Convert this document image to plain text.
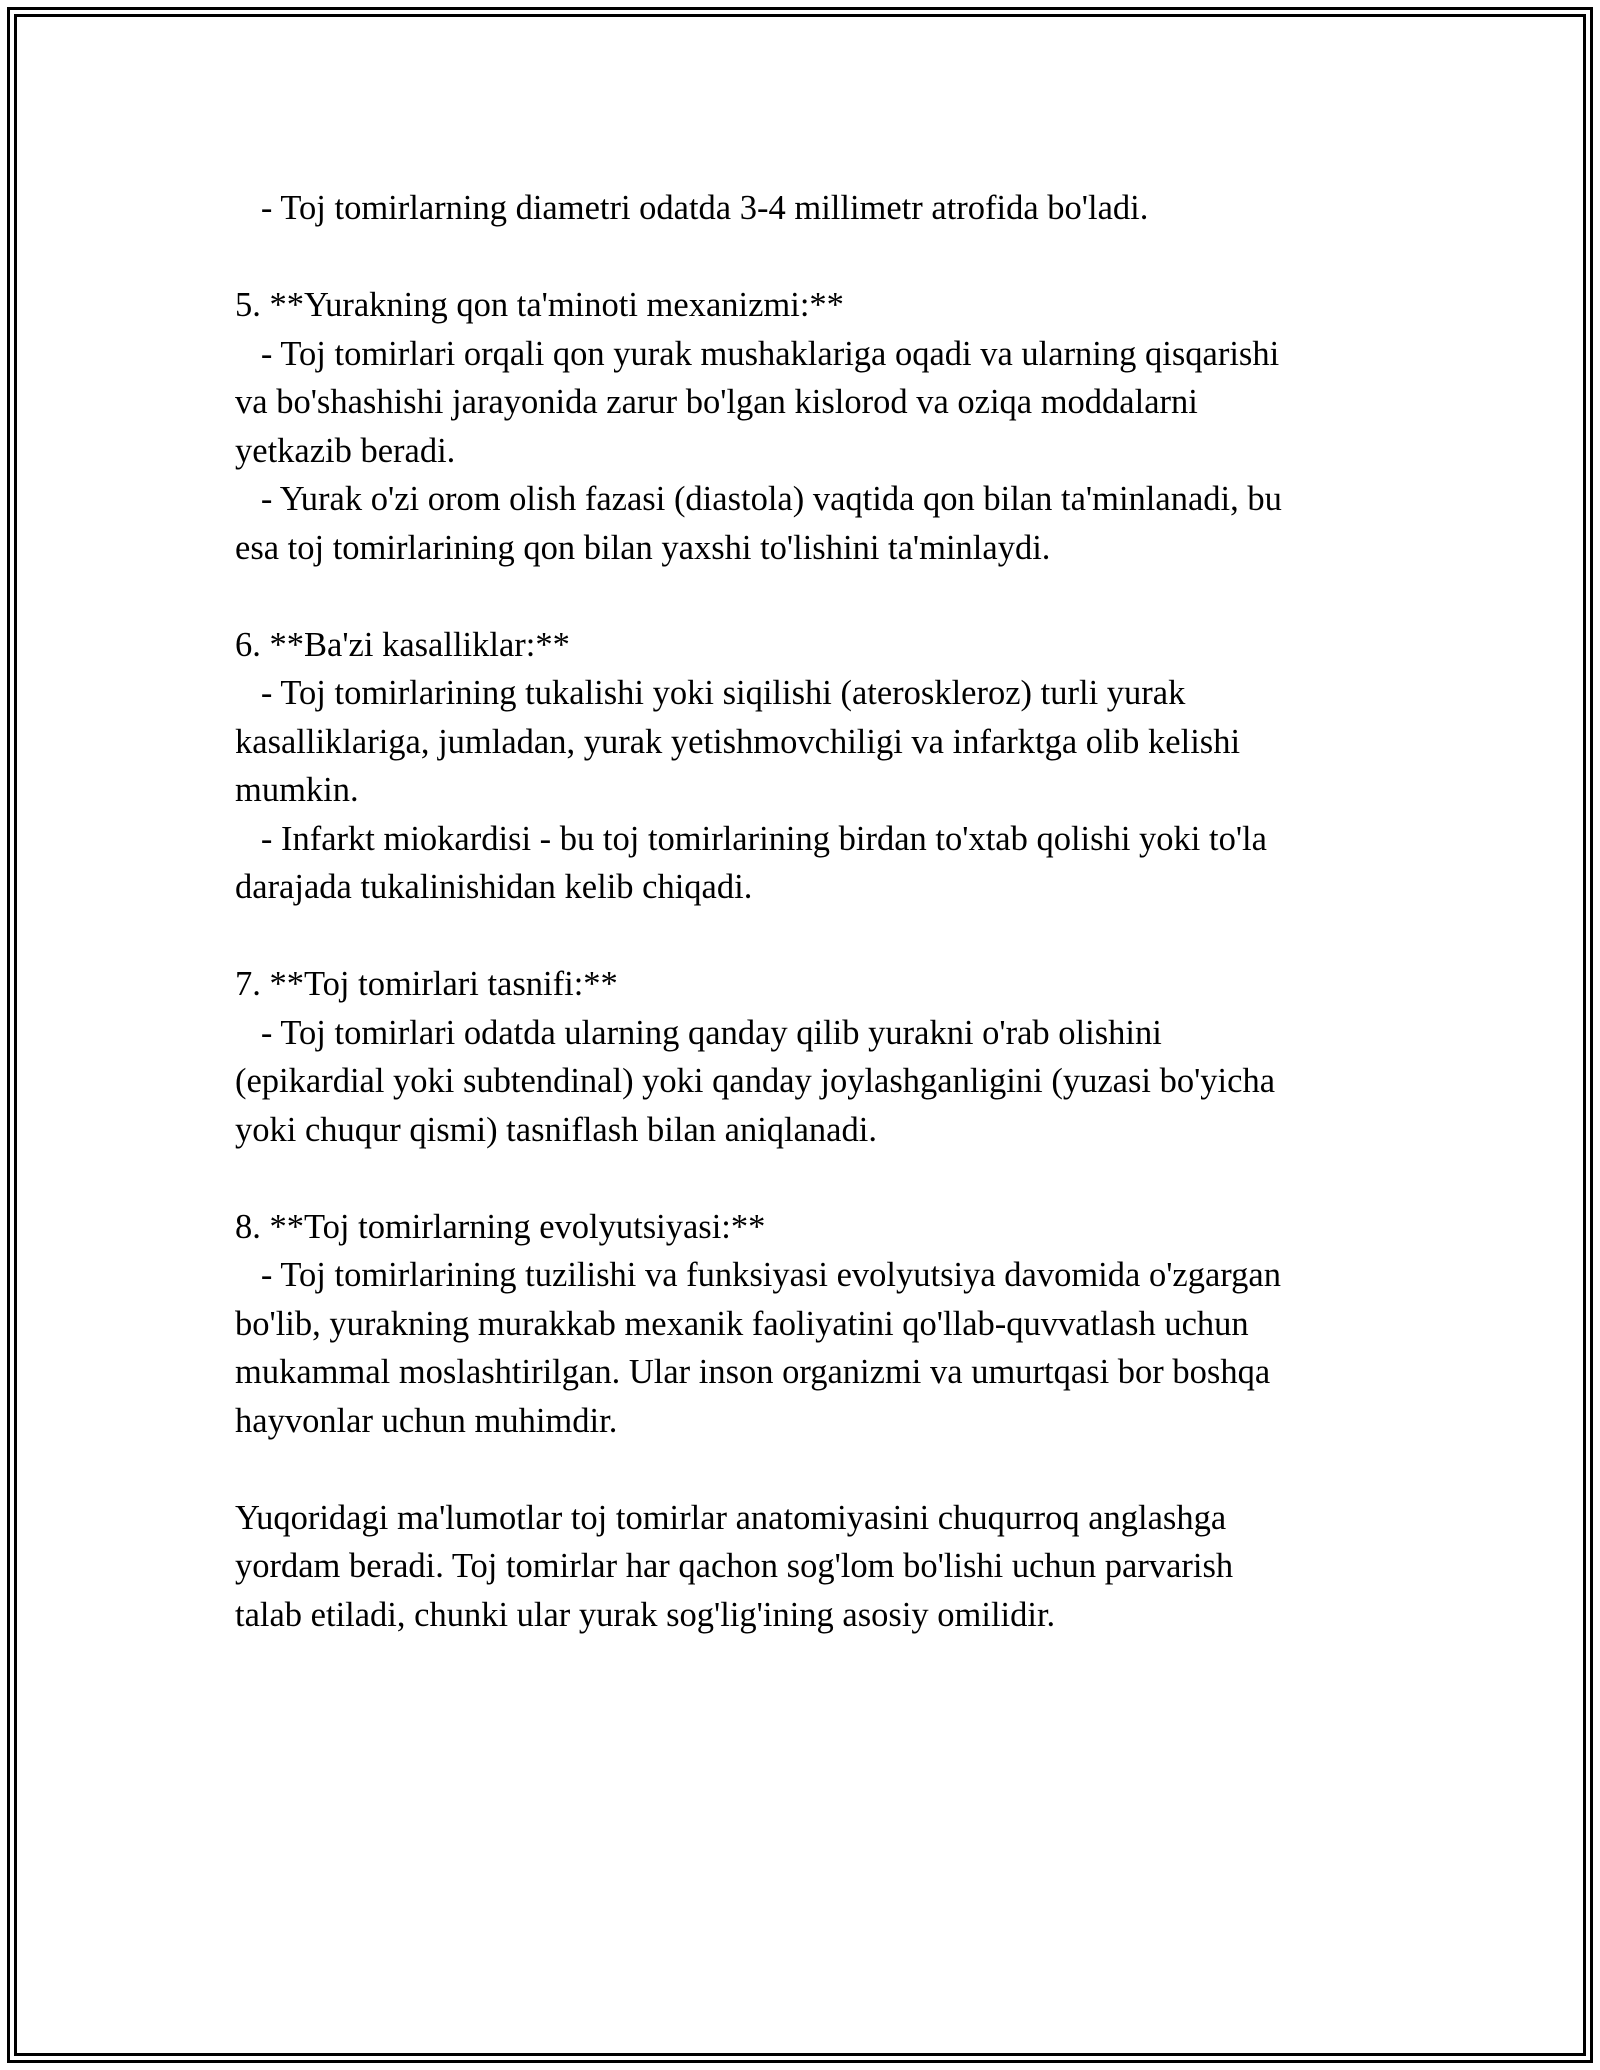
- Toj tomirlarning diametri odatda 3-4 millimetr atrofida bo'ladi.
5. **Yurakning qon ta'minoti mexanizmi:**
- Toj tomirlari orqali qon yurak mushaklariga oqadi va ularning qisqarishi
va bo'shashishi jarayonida zarur bo'lgan kislorod va oziqa moddalarni
yetkazib beradi.
- Yurak o'zi orom olish fazasi (diastola) vaqtida qon bilan ta'minlanadi, bu
esa toj tomirlarining qon bilan yaxshi to'lishini ta'minlaydi.
6. **Ba'zi kasalliklar:**
- Toj tomirlarining tukalishi yoki siqilishi (ateroskleroz) turli yurak
kasalliklariga, jumladan, yurak yetishmovchiligi va infarktga olib kelishi
mumkin.
- Infarkt miokardisi - bu toj tomirlarining birdan to'xtab qolishi yoki to'la
darajada tukalinishidan kelib chiqadi.
7. **Toj tomirlari tasnifi:**
- Toj tomirlari odatda ularning qanday qilib yurakni o'rab olishini
(epikardial yoki subtendinal) yoki qanday joylashganligini (yuzasi bo'yicha
yoki chuqur qismi) tasniflash bilan aniqlanadi.
8. **Toj tomirlarning evolyutsiyasi:**
- Toj tomirlarining tuzilishi va funksiyasi evolyutsiya davomida o'zgargan
bo'lib, yurakning murakkab mexanik faoliyatini qo'llab-quvvatlash uchun
mukammal moslashtirilgan. Ular inson organizmi va umurtqasi bor boshqa
hayvonlar uchun muhimdir.
Yuqoridagi ma'lumotlar toj tomirlar anatomiyasini chuqurroq anglashga
yordam beradi. Toj tomirlar har qachon sog'lom bo'lishi uchun parvarish
talab etiladi, chunki ular yurak sog'lig'ining asosiy omilidir.
